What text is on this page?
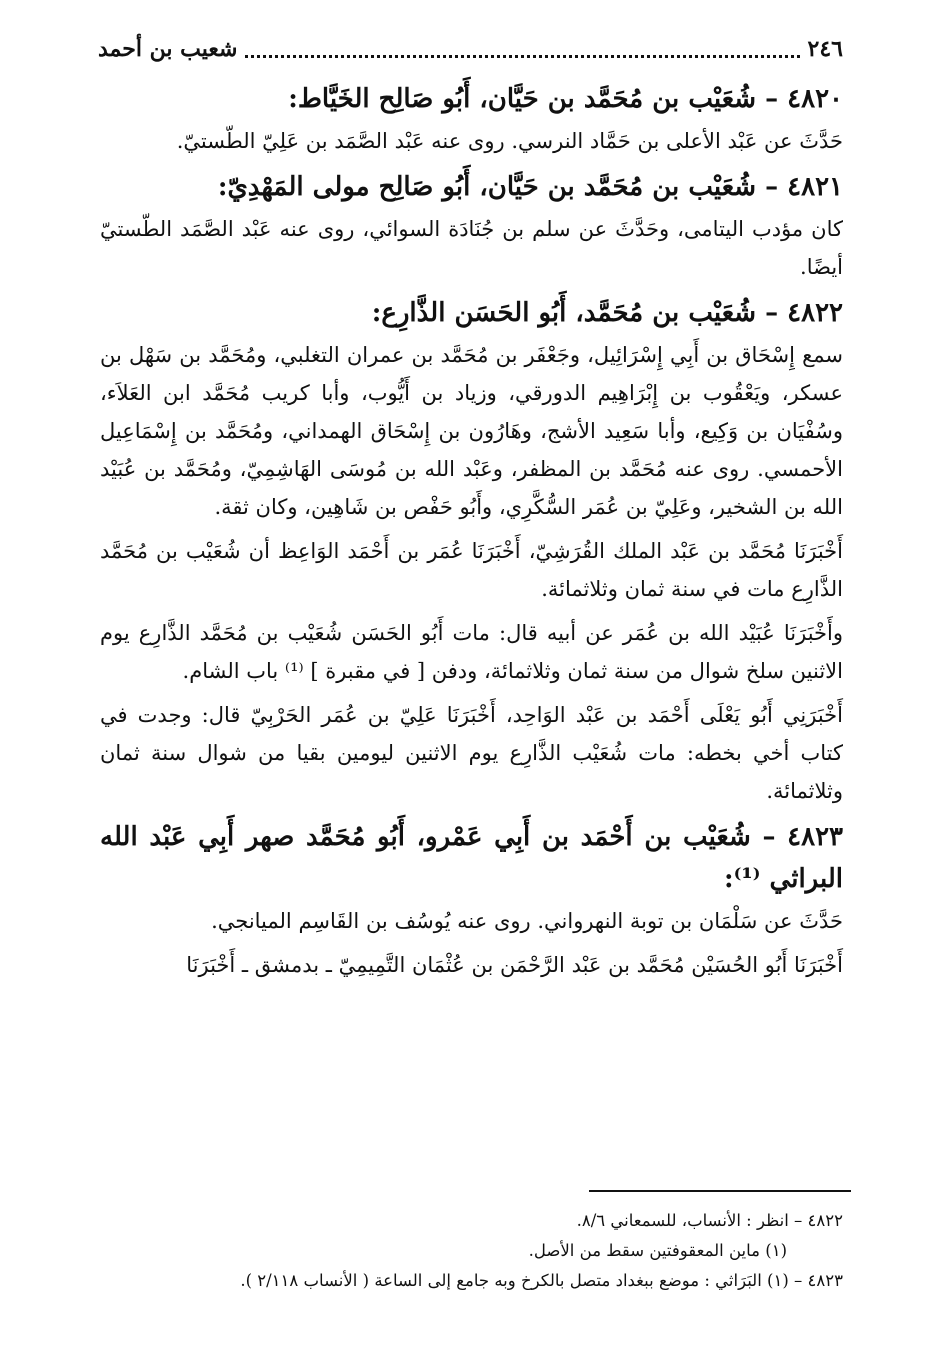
٢٤٦
شعيب بن أحمد
٤٨٢٠ – شُعَيْب بن مُحَمَّد بن حَيَّان، أَبُو صَالِح الخَيَّاط:

حَدَّثَ عن عَبْد الأعلى بن حَمَّاد النرسي. روى عنه عَبْد الصَّمَد بن عَلِيّ الطّستيّ.

٤٨٢١ – شُعَيْب بن مُحَمَّد بن حَيَّان، أَبُو صَالِح مولى المَهْدِيّ:

كان مؤدب اليتامى، وحَدَّثَ عن سلم بن جُنَادَة السوائي، روى عنه عَبْد الصَّمَد الطّستيّ أيضًا.

٤٨٢٢ – شُعَيْب بن مُحَمَّد، أَبُو الحَسَن الذَّارِع:

سمع إِسْحَاق بن أَبِي إِسْرَائِيل، وجَعْفَر بن مُحَمَّد بن عمران التغلبي، ومُحَمَّد بن سَهْل بن عسكر، ويَعْقُوب بن إِبْرَاهِيم الدورقي، وزياد بن أَيُّوب، وأبا كريب مُحَمَّد ابن العَلاَء، وسُفْيَان بن وَكِيع، وأبا سَعِيد الأشج، وهَارُون بن إِسْحَاق الهمداني، ومُحَمَّد بن إِسْمَاعِيل الأحمسي. روى عنه مُحَمَّد بن المظفر، وعَبْد الله بن مُوسَى الهَاشِمِيّ، ومُحَمَّد بن عُبَيْد الله بن الشخير، وعَلِيّ بن عُمَر السُّكَّرِي، وأَبُو حَفْص بن شَاهِين، وكان ثقة.

أَخْبَرَنَا مُحَمَّد بن عَبْد الملك القُرَشِيّ، أَخْبَرَنَا عُمَر بن أَحْمَد الوَاعِظ أن شُعَيْب بن مُحَمَّد الذَّارِع مات في سنة ثمان وثلاثمائة.

وأَخْبَرَنَا عُبَيْد الله بن عُمَر عن أبيه قال: مات أَبُو الحَسَن شُعَيْب بن مُحَمَّد الذَّارِع يوم الاثنين سلخ شوال من سنة ثمان وثلاثمائة، ودفن [ في مقبرة ] ⁽¹⁾ باب الشام.

أَخْبَرَنِي أَبُو يَعْلَى أَحْمَد بن عَبْد الوَاحِد، أَخْبَرَنَا عَلِيّ بن عُمَر الحَرْبِيّ قال: وجدت في كتاب أخي بخطه: مات شُعَيْب الذَّارِع يوم الاثنين ليومين بقيا من شوال سنة ثمان وثلاثمائة.

٤٨٢٣ – شُعَيْب بن أَحْمَد بن أَبِي عَمْرو، أَبُو مُحَمَّد صهر أَبِي عَبْد الله البراثي ⁽¹⁾:

حَدَّثَ عن سَلْمَان بن توبة النهرواني. روى عنه يُوسُف بن القَاسِم الميانجي.

أَخْبَرَنَا أَبُو الحُسَيْن مُحَمَّد بن عَبْد الرَّحْمَن بن عُثْمَان التَّمِيمِيّ ـ بدمشق ـ أَخْبَرَنَا

٤٨٢٢ – انظر : الأنساب، للسمعاني ٨/٦.

(١) ماين المعقوفتين سقط من الأصل.

٤٨٢٣ – (١) البَرَاثي : موضع ببغداد متصل بالكرخ وبه جامع إلى الساعة ( الأنساب ٢/١١٨ ).
